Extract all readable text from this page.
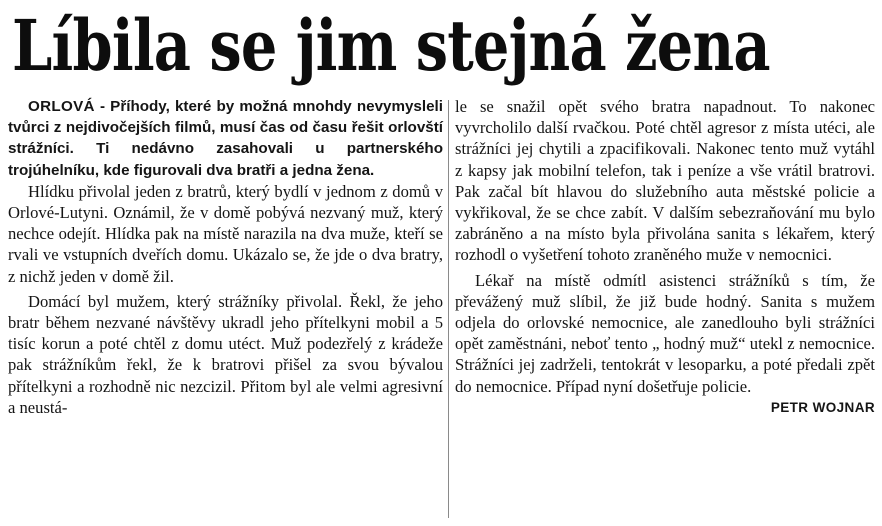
Líbila se jim stejná žena

ORLOVÁ - Příhody, které by možná mnohdy nevymysleli tvůrci z nejdivočejších filmů, musí čas od času řešit orlovští strážníci. Ti nedávno zasahovali u partnerského trojúhelníku, kde figurovali dva bratři a jedna žena.

Hlídku přivolal jeden z bratrů, který bydlí v jednom z domů v Orlové-Lutyni. Oznámil, že v domě pobývá nezvaný muž, který nechce odejít. Hlídka pak na místě narazila na dva muže, kteří se rvali ve vstupních dveřích domu. Ukázalo se, že jde o dva bratry, z nichž jeden v domě žil.

Domácí byl mužem, který strážníky přivolal. Řekl, že jeho bratr během nezvané návštěvy ukradl jeho přítelkyni mobil a 5 tisíc korun a poté chtěl z domu utéct. Muž podezřelý z krádeže pak strážníkům řekl, že k bratrovi přišel za svou bývalou přítelkyni a rozhodně nic nezcizil. Přitom byl ale velmi agresivní a neustá-

le se snažil opět svého bratra napadnout. To nakonec vyvrcholilo další rvačkou. Poté chtěl agresor z místa utéci, ale strážníci jej chytili a zpacifikovali. Nakonec tento muž vytáhl z kapsy jak mobilní telefon, tak i peníze a vše vrátil bratrovi. Pak začal bít hlavou do služebního auta městské policie a vykřikoval, že se chce zabít. V dalším sebezraňování mu bylo zabráněno a na místo byla přivolána sanita s lékařem, který rozhodl o vyšetření tohoto zraněného muže v nemocnici.

Lékař na místě odmítl asistenci strážníků s tím, že převážený muž slíbil, že již bude hodný. Sanita s mužem odjela do orlovské nemocnice, ale zanedlouho byli strážníci opět zaměstnáni, neboť tento „ hodný muž“ utekl z nemocnice. Strážníci jej zadrželi, tentokrát v lesoparku, a poté předali zpět do nemocnice. Případ nyní došetřuje policie.
PETR WOJNAR
